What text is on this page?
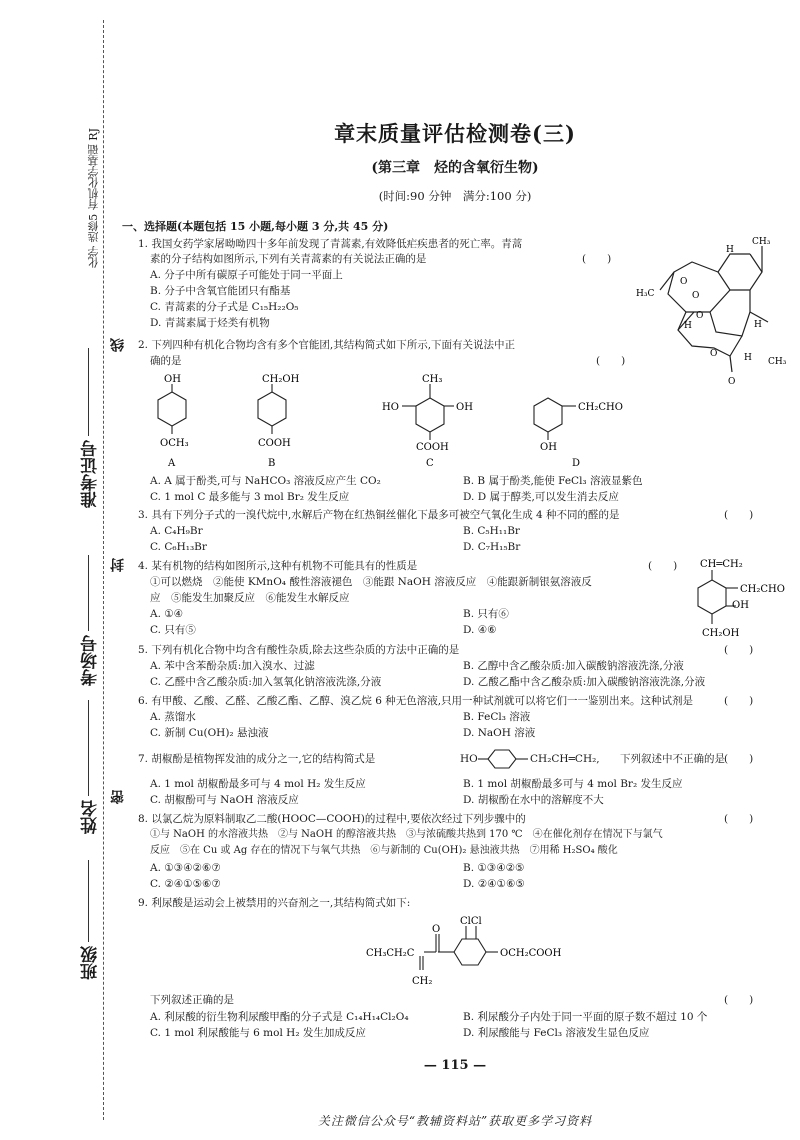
化学 选修5 有机化学基础 RJ
线
封
密
准考证号
考场号
姓名
班级
章末质量评估检测卷(三)
(第三章　烃的含氧衍生物)
(时间:90 分钟　满分:100 分)
一、选择题(本题包括 15 小题,每小题 3 分,共 45 分)
1. 我国女药学家屠呦呦四十多年前发现了青蒿素,有效降低疟疾患者的死亡率。青蒿
素的分子结构如图所示,下列有关青蒿素的有关说法正确的是	(　　)
A. 分子中所有碳原子可能处于同一平面上
B. 分子中含氧官能团只有酯基
C. 青蒿素的分子式是 C₁₅H₂₂O₅
D. 青蒿素属于烃类有机物
CH₃
H₃C
CH₃
H
H
H
H
O
O
O
O
O
2. 下列四种有机化合物均含有多个官能团,其结构简式如下所示,下面有关说法中正
确的是	(　　)
OH
OCH₃
A
CH₂OH
COOH
B
CH₃
HO	OH
COOH
C
CH₂CHO
OH
D
A. A 属于酚类,可与 NaHCO₃ 溶液反应产生 CO₂	B. B 属于酚类,能使 FeCl₃ 溶液显紫色
C. 1 mol C 最多能与 3 mol Br₂ 发生反应	D. D 属于醇类,可以发生消去反应
3. 具有下列分子式的一溴代烷中,水解后产物在红热铜丝催化下最多可被空气氧化生成 4 种不同的醛的是	(　　)
A. C₄H₉Br	B. C₅H₁₁Br
C. C₆H₁₃Br	D. C₇H₁₅Br
4. 某有机物的结构如图所示,这种有机物不可能具有的性质是	(　　)
①可以燃烧　②能使 KMnO₄ 酸性溶液褪色　③能跟 NaOH 溶液反应　④能跟新制银氨溶液反
应　⑤能发生加聚反应　⑥能发生水解反应
A. ①④	B. 只有⑥
C. 只有⑤	D. ④⑥
CH═CH₂
CH₂CHO
OH
CH₂OH
5. 下列有机化合物中均含有酸性杂质,除去这些杂质的方法中正确的是	(　　)
A. 苯中含苯酚杂质:加入溴水、过滤	B. 乙醇中含乙酸杂质:加入碳酸钠溶液洗涤,分液
C. 乙醛中含乙酸杂质:加入氢氧化钠溶液洗涤,分液	D. 乙酸乙酯中含乙酸杂质:加入碳酸钠溶液洗涤,分液
6. 有甲酸、乙酸、乙醛、乙酸乙酯、乙醇、溴乙烷 6 种无色溶液,只用一种试剂就可以将它们一一鉴别出来。这种试剂是	(　　)
A. 蒸馏水	B. FeCl₃ 溶液
C. 新制 Cu(OH)₂ 悬浊液	D. NaOH 溶液
7. 胡椒酚是植物挥发油的成分之一,它的结构简式是	HO	CH₂CH═CH₂, 下列叙述中不正确的是 (　　)
A. 1 mol 胡椒酚最多可与 4 mol H₂ 发生反应	B. 1 mol 胡椒酚最多可与 4 mol Br₂ 发生反应
C. 胡椒酚可与 NaOH 溶液反应	D. 胡椒酚在水中的溶解度不大
8. 以氯乙烷为原料制取乙二酸(HOOC—COOH)的过程中,要依次经过下列步骤中的	(　　)
①与 NaOH 的水溶液共热　②与 NaOH 的醇溶液共热　③与浓硫酸共热到 170 ℃　④在催化剂存在情况下与氯气
反应　⑤在 Cu 或 Ag 存在的情况下与氧气共热　⑥与新制的 Cu(OH)₂ 悬浊液共热　⑦用稀 H₂SO₄ 酸化
A. ①③④②⑥⑦	B. ①③④②⑤
C. ②④①⑤⑥⑦	D. ②④①⑥⑤
9. 利尿酸是运动会上被禁用的兴奋剂之一,其结构简式如下:
ClCl
O
CH₃CH₂C	OCH₂COOH
CH₂
下列叙述正确的是	(　　)
A. 利尿酸的衍生物利尿酸甲酯的分子式是 C₁₄H₁₄Cl₂O₄	B. 利尿酸分子内处于同一平面的原子数不超过 10 个
C. 1 mol 利尿酸能与 6 mol H₂ 发生加成反应	D. 利尿酸能与 FeCl₃ 溶液发生显色反应
— 115 —
关注微信公众号“教辅资料站”获取更多学习资料
